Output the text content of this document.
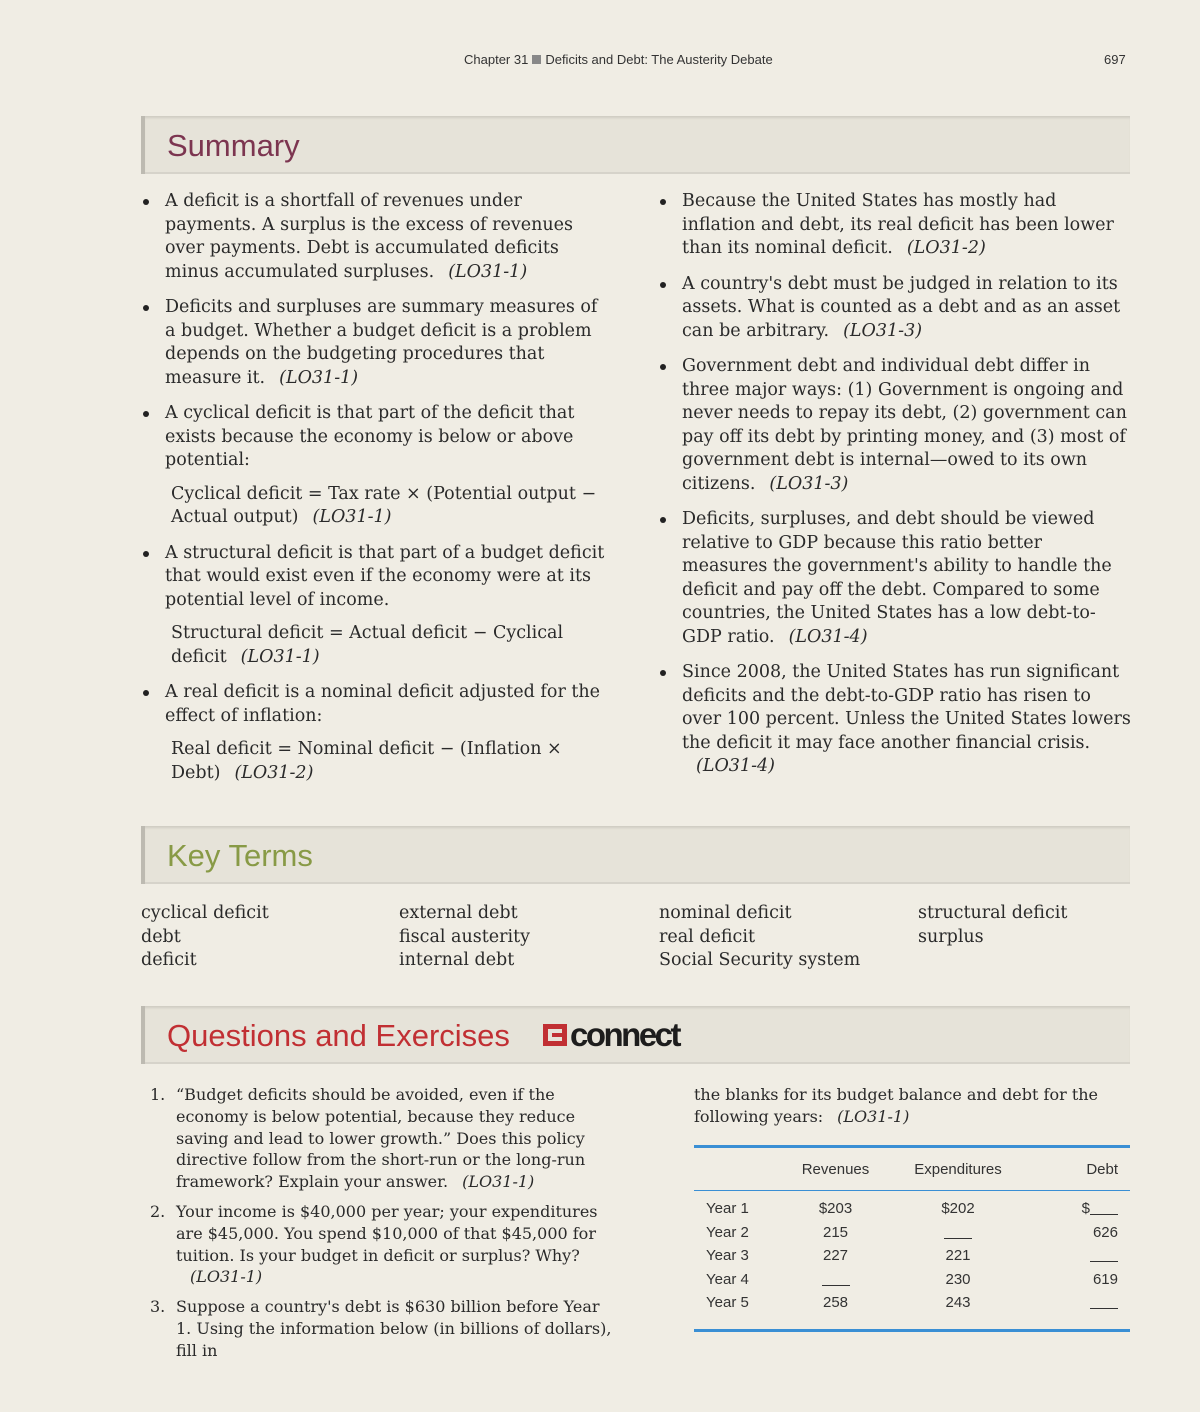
Chapter 31 Deficits and Debt: The Austerity Debate	697
Summary
A deficit is a shortfall of revenues under payments. A surplus is the excess of revenues over payments. Debt is accumulated deficits minus accumulated surpluses. (LO31-1)
Deficits and surpluses are summary measures of a budget. Whether a budget deficit is a problem depends on the budgeting procedures that measure it. (LO31-1)
A cyclical deficit is that part of the deficit that exists because the economy is below or above potential:
Cyclical deficit = Tax rate × (Potential output − Actual output) (LO31-1)
A structural deficit is that part of a budget deficit that would exist even if the economy were at its potential level of income.
Structural deficit = Actual deficit − Cyclical deficit (LO31-1)
A real deficit is a nominal deficit adjusted for the effect of inflation:
Real deficit = Nominal deficit − (Inflation × Debt) (LO31-2)
Because the United States has mostly had inflation and debt, its real deficit has been lower than its nominal deficit. (LO31-2)
A country's debt must be judged in relation to its assets. What is counted as a debt and as an asset can be arbitrary. (LO31-3)
Government debt and individual debt differ in three major ways: (1) Government is ongoing and never needs to repay its debt, (2) government can pay off its debt by printing money, and (3) most of government debt is internal—owed to its own citizens. (LO31-3)
Deficits, surpluses, and debt should be viewed relative to GDP because this ratio better measures the government's ability to handle the deficit and pay off the debt. Compared to some countries, the United States has a low debt-to-GDP ratio. (LO31-4)
Since 2008, the United States has run significant deficits and the debt-to-GDP ratio has risen to over 100 percent. Unless the United States lowers the deficit it may face another financial crisis.(LO31-4)
Key Terms
cyclical deficit
debt
deficit
external debt
fiscal austerity
internal debt
nominal deficit
real deficit
Social Security system
structural deficit
surplus
Questions and Exercises connect
1. “Budget deficits should be avoided, even if the economy is below potential, because they reduce saving and lead to lower growth.” Does this policy directive follow from the short-run or the long-run framework? Explain your answer. (LO31-1)
2. Your income is $40,000 per year; your expenditures are $45,000. You spend $10,000 of that $45,000 for tuition. Is your budget in deficit or surplus? Why?(LO31-1)
3. Suppose a country's debt is $630 billion before Year 1. Using the information below (in billions of dollars), fill in
the blanks for its budget balance and debt for the following years: (LO31-1)
	Revenues	Expenditures	Debt
Year 1	$203	$202	$
Year 2	215		626
Year 3	227	221	
Year 4		230	619
Year 5	258	243	
